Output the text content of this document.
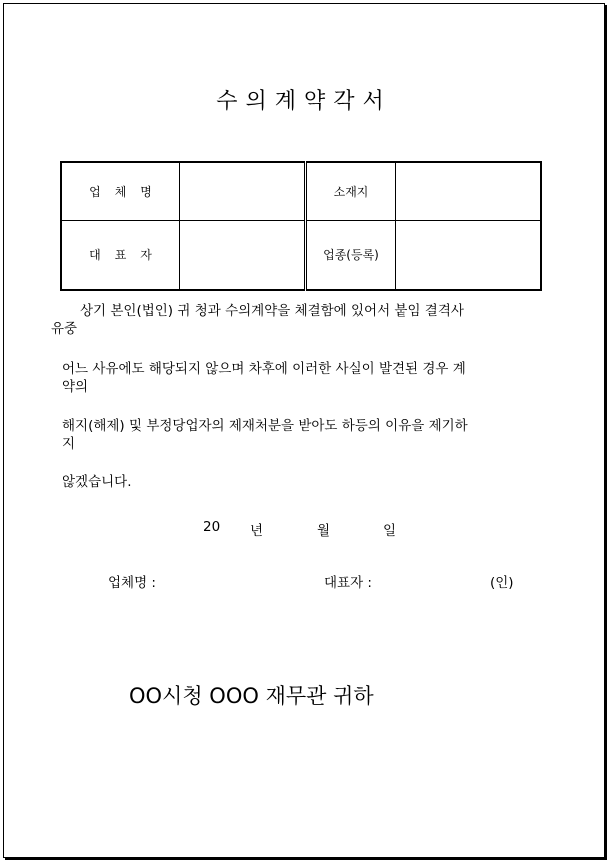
수의계약각서
업체명		소재지	
대표자		업종(등록)	
상기 본인(법인) 귀 청과 수의계약을 체결함에 있어서 붙임 결격사
유중
어느 사유에도 해당되지 않으며 차후에 이러한 사실이 발견된 경우 계
약의
해지(해제) 및 부정당업자의 제재처분을 받아도 하등의 이유을 제기하
지
않겠습니다.
20 년	월	일
업체명 :	대표자 :	(인)
OO시청 OOO 재무관 귀하
